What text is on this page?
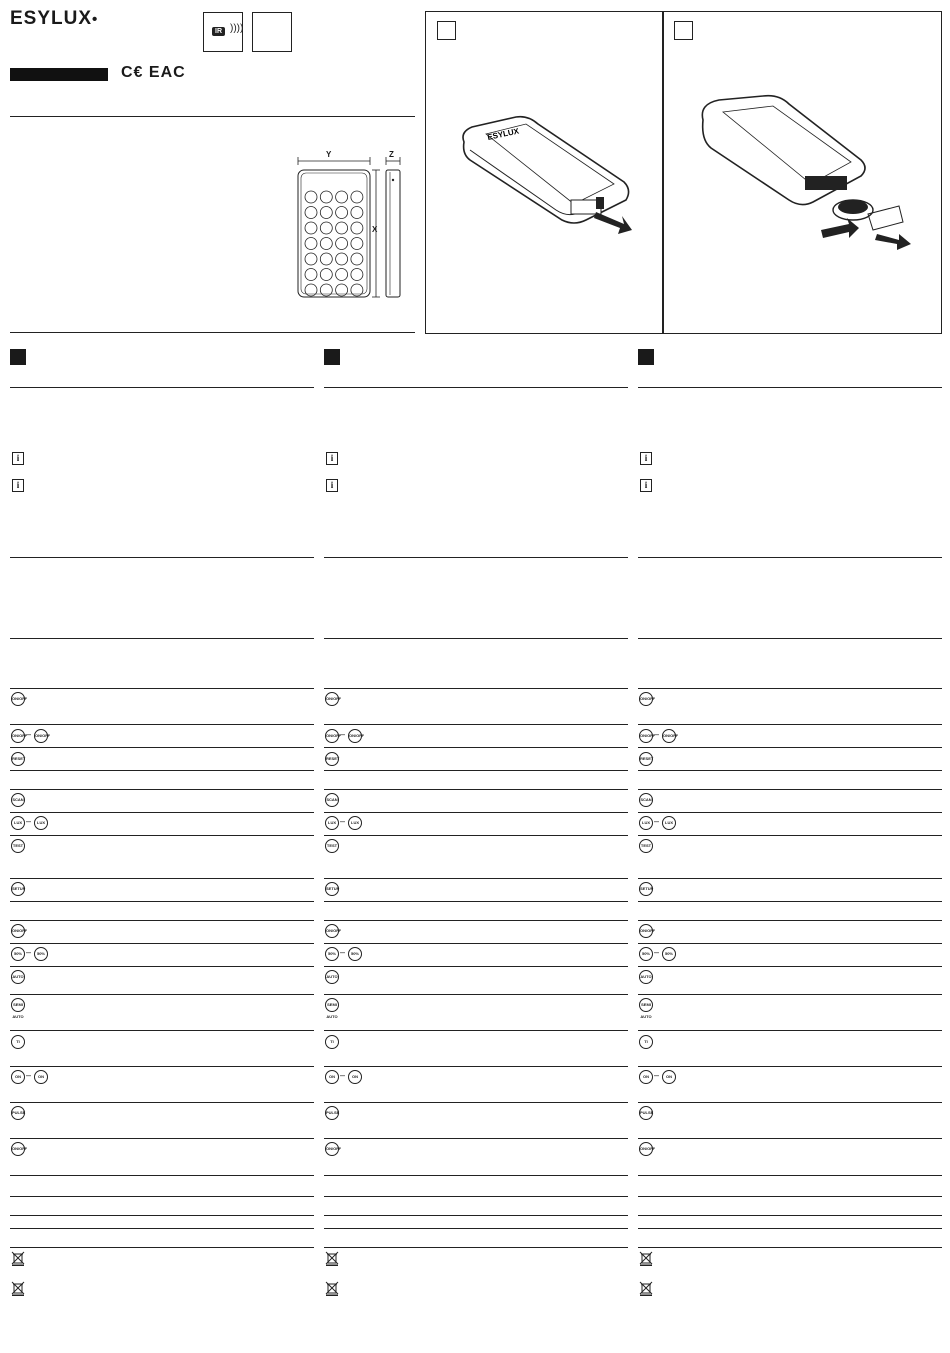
ESYLUX•
IR ))))
C€ EAC
Y	Z
X
ESYLUX
i
i
ON/OFF
ON/OFF
– ON/OFF
RESET
SCAN
LUX –	LUX
TEST
SETUP
ON/OFF
50% –	50%
AUTO
SEMI AUTO
TI
ON –	ON
PULSE
ON/OFF
i
i
ON/OFF
ON/OFF
– ON/OFF
RESET
SCAN
LUX –	LUX
TEST
SETUP
ON/OFF
50% –	50%
AUTO
SEMI AUTO
TI
ON –	ON
PULSE
ON/OFF
i
i
ON/OFF
ON/OFF
– ON/OFF
RESET
SCAN
LUX –	LUX
TEST
SETUP
ON/OFF
50% –	50%
AUTO
SEMI AUTO
TI
ON –	ON
PULSE
ON/OFF
